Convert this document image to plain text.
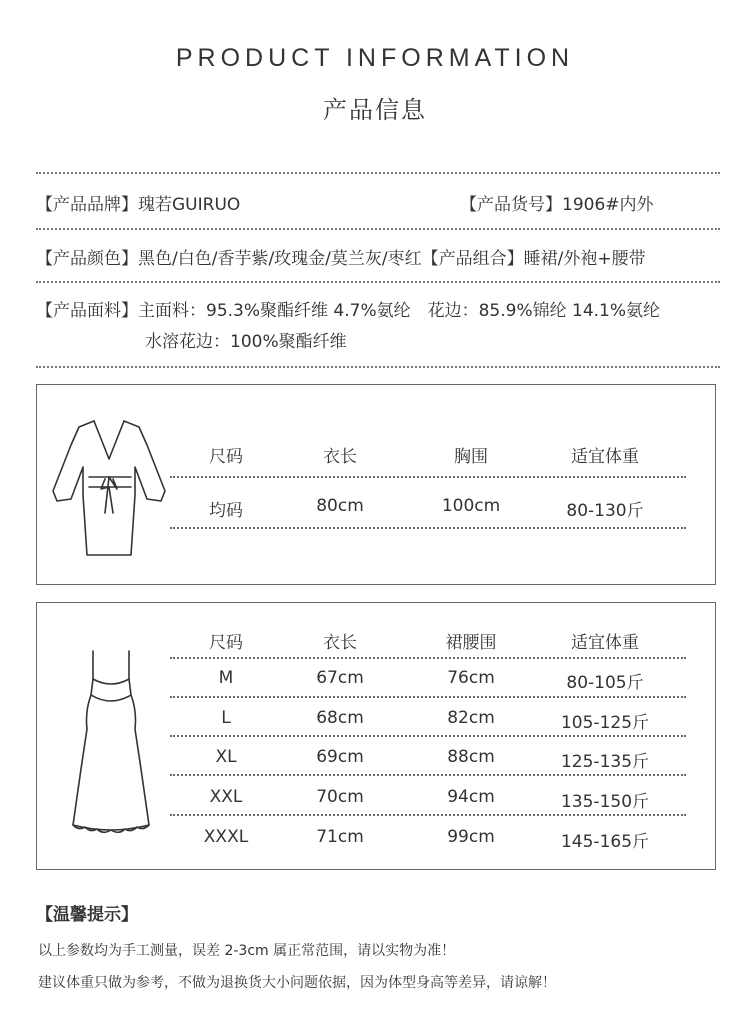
PRODUCT INFORMATION
产品信息
【产品品牌】瑰若GUIRUO	【产品货号】1906#内外
【产品颜色】黑色/白色/香芋紫/玫瑰金/莫兰灰/枣红【产品组合】睡裙/外袍+腰带
【产品面料】主面料：95.3%聚酯纤维 4.7%氨纶　花边：85.9%锦纶 14.1%氨纶
水溶花边：100%聚酯纤维
尺码	衣长	胸围	适宜体重
均码	80cm	100cm	80-130斤
尺码	衣长	裙腰围	适宜体重
M	67cm	76cm	80-105斤
L	68cm	82cm	105-125斤
XL	69cm	88cm	125-135斤
XXL	70cm	94cm	135-150斤
XXXL	71cm	99cm	145-165斤
【温馨提示】
以上参数均为手工测量，误差 2-3cm 属正常范围，请以实物为准！
建议体重只做为参考，不做为退换货大小问题依据，因为体型身高等差异，请谅解！
